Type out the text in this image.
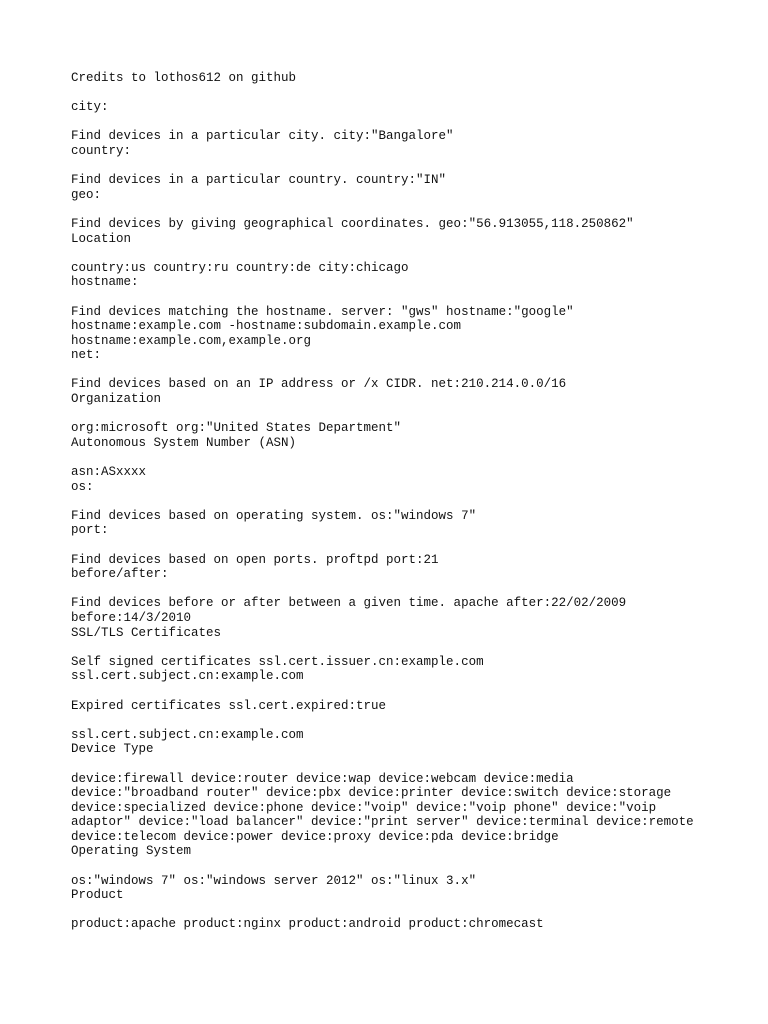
Credits to lothos612 on github
city:
Find devices in a particular city. city:"Bangalore"
country:
Find devices in a particular country. country:"IN"
geo:
Find devices by giving geographical coordinates. geo:"56.913055,118.250862"
Location
country:us country:ru country:de city:chicago
hostname:
Find devices matching the hostname. server: "gws" hostname:"google"
hostname:example.com -hostname:subdomain.example.com
hostname:example.com,example.org
net:
Find devices based on an IP address or /x CIDR. net:210.214.0.0/16
Organization
org:microsoft org:"United States Department"
Autonomous System Number (ASN)
asn:ASxxxx
os:
Find devices based on operating system. os:"windows 7"
port:
Find devices based on open ports. proftpd port:21
before/after:
Find devices before or after between a given time. apache after:22/02/2009
before:14/3/2010
SSL/TLS Certificates
Self signed certificates ssl.cert.issuer.cn:example.com
ssl.cert.subject.cn:example.com
Expired certificates ssl.cert.expired:true
ssl.cert.subject.cn:example.com
Device Type
device:firewall device:router device:wap device:webcam device:media
device:"broadband router" device:pbx device:printer device:switch device:storage
device:specialized device:phone device:"voip" device:"voip phone" device:"voip
adaptor" device:"load balancer" device:"print server" device:terminal device:remote
device:telecom device:power device:proxy device:pda device:bridge
Operating System
os:"windows 7" os:"windows server 2012" os:"linux 3.x"
Product
product:apache product:nginx product:android product:chromecast
